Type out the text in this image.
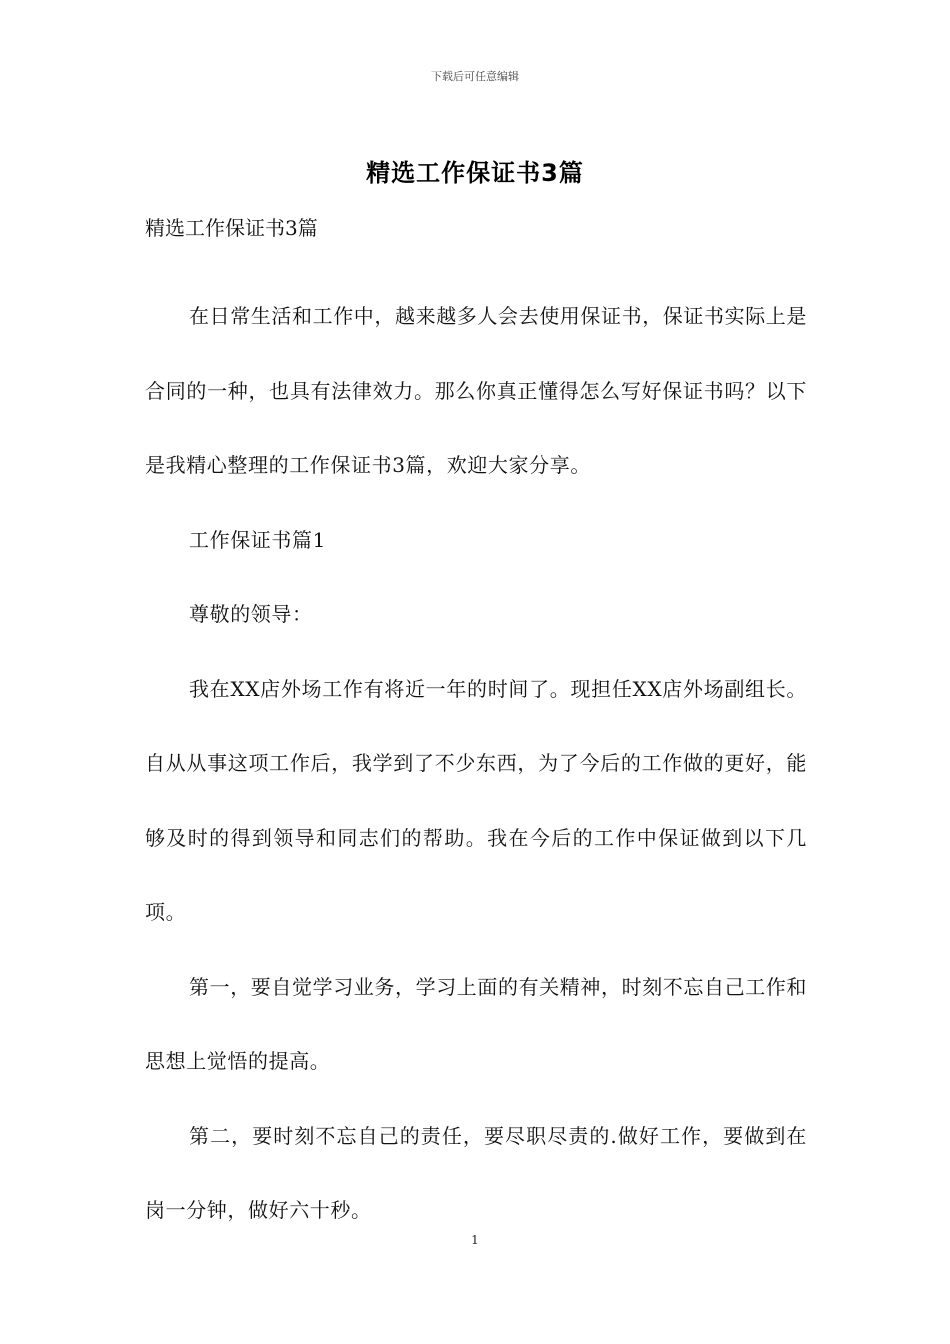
下载后可任意编辑
精选工作保证书3篇
精选工作保证书3篇

在日常生活和工作中，越来越多人会去使用保证书，保证书实际上是合同的一种，也具有法律效力。那么你真正懂得怎么写好保证书吗？以下是我精心整理的工作保证书3篇，欢迎大家分享。

工作保证书篇1

尊敬的领导：

我在XX店外场工作有将近一年的时间了。现担任XX店外场副组长。自从从事这项工作后，我学到了不少东西，为了今后的工作做的更好，能够及时的得到领导和同志们的帮助。我在今后的工作中保证做到以下几项。

第一，要自觉学习业务，学习上面的有关精神，时刻不忘自己工作和思想上觉悟的提高。

第二，要时刻不忘自己的责任，要尽职尽责的.做好工作，要做到在岗一分钟，做好六十秒。

1
